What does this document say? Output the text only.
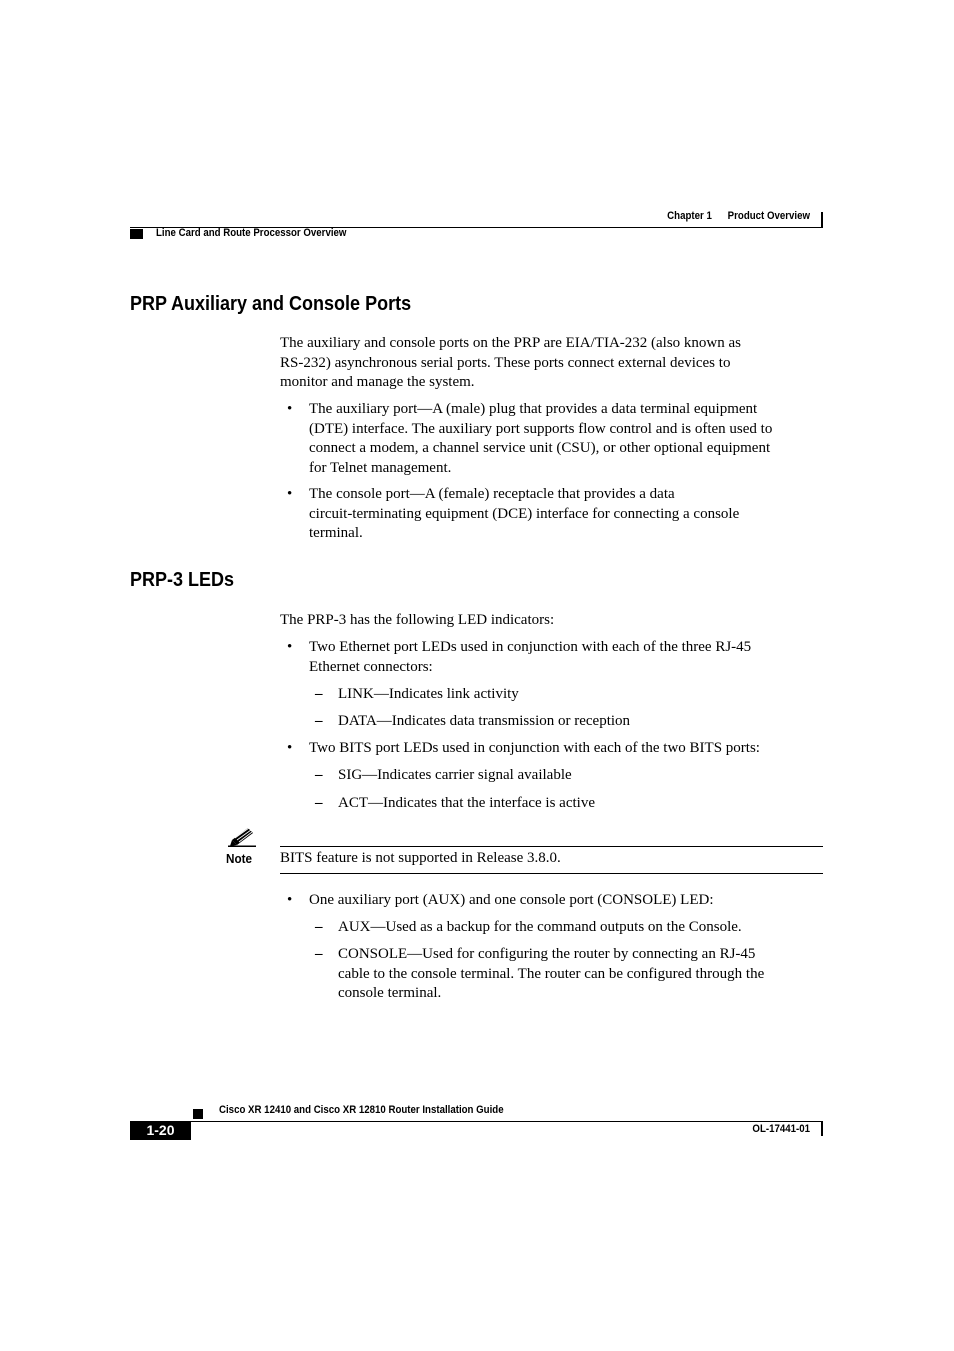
Chapter 1 Product Overview
Line Card and Route Processor Overview
PRP Auxiliary and Console Ports
The auxiliary and console ports on the PRP are EIA/TIA-232 (also known as
RS-232) asynchronous serial ports. These ports connect external devices to
monitor and manage the system.
• The auxiliary port—A (male) plug that provides a data terminal equipment
(DTE) interface. The auxiliary port supports flow control and is often used to
connect a modem, a channel service unit (CSU), or other optional equipment
for Telnet management.
• The console port—A (female) receptacle that provides a data
circuit-terminating equipment (DCE) interface for connecting a console
terminal.
PRP-3 LEDs
The PRP-3 has the following LED indicators:
• Two Ethernet port LEDs used in conjunction with each of the three RJ-45
Ethernet connectors:
– LINK—Indicates link activity
– DATA—Indicates data transmission or reception
• Two BITS port LEDs used in conjunction with each of the two BITS ports:
– SIG—Indicates carrier signal available
– ACT—Indicates that the interface is active
Note BITS feature is not supported in Release 3.8.0.
• One auxiliary port (AUX) and one console port (CONSOLE) LED:
– AUX—Used as a backup for the command outputs on the Console.
– CONSOLE—Used for configuring the router by connecting an RJ-45
cable to the console terminal. The router can be configured through the
console terminal.
Cisco XR 12410 and Cisco XR 12810 Router Installation Guide
1-20	OL-17441-01
